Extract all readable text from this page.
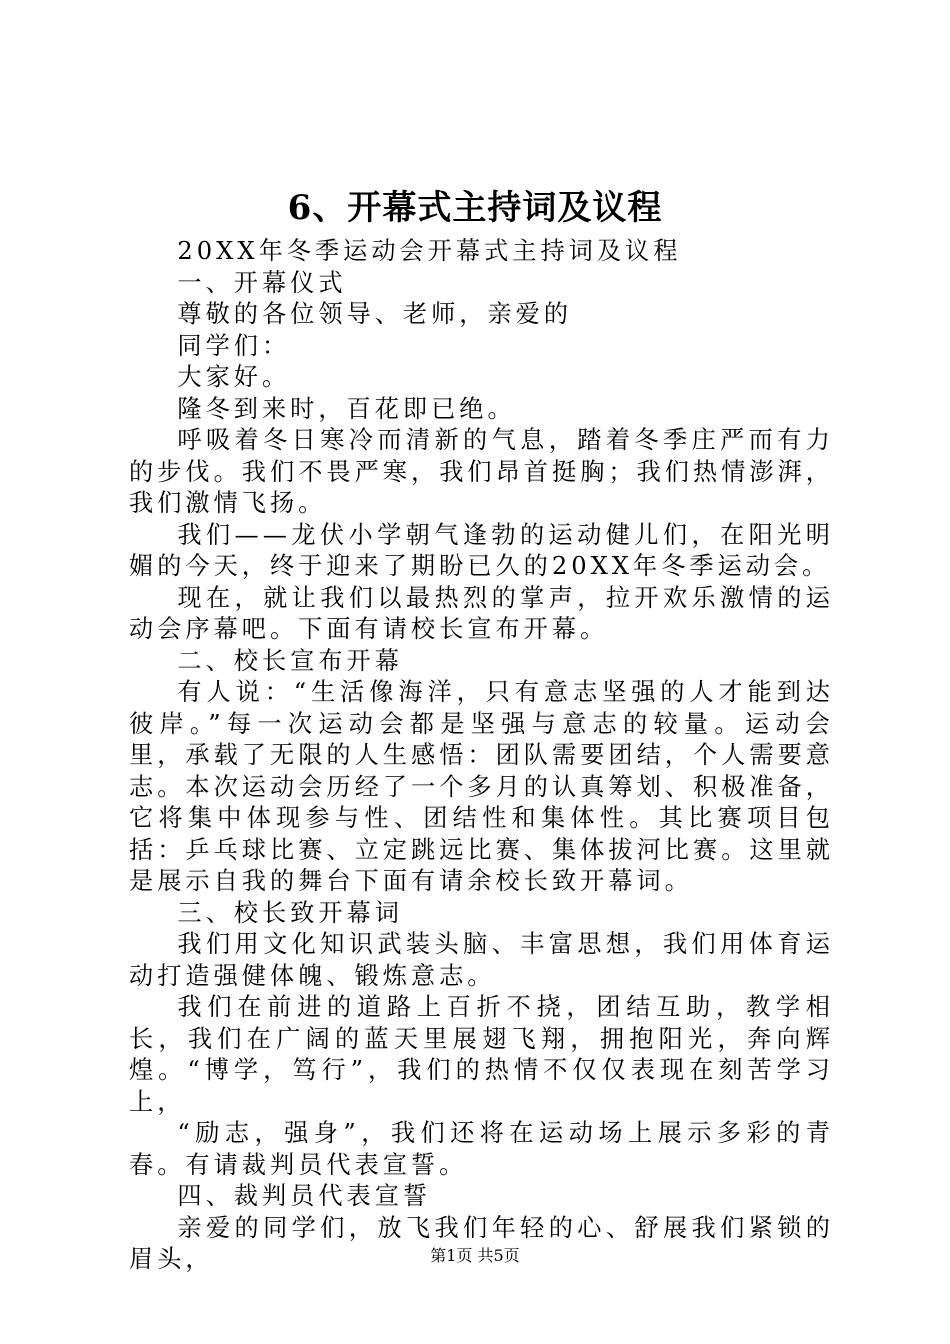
6、开幕式主持词及议程

20XX年冬季运动会开幕式主持词及议程

一、开幕仪式

尊敬的各位领导、老师，亲爱的

同学们：

大家好。

隆冬到来时，百花即已绝。

呼吸着冬日寒冷而清新的气息，踏着冬季庄严而有力的步伐。我们不畏严寒，我们昂首挺胸；我们热情澎湃，我们激情飞扬。

我们——龙伏小学朝气逢勃的运动健儿们，在阳光明媚的今天，终于迎来了期盼已久的20XX年冬季运动会。

现在，就让我们以最热烈的掌声，拉开欢乐激情的运动会序幕吧。下面有请校长宣布开幕。

二、校长宣布开幕

有人说：“生活像海洋，只有意志坚强的人才能到达彼岸。”每一次运动会都是坚强与意志的较量。运动会里，承载了无限的人生感悟：团队需要团结，个人需要意志。本次运动会历经了一个多月的认真筹划、积极准备，它将集中体现参与性、团结性和集体性。其比赛项目包括：乒乓球比赛、立定跳远比赛、集体拔河比赛。这里就是展示自我的舞台下面有请余校长致开幕词。

三、校长致开幕词

我们用文化知识武装头脑、丰富思想，我们用体育运动打造强健体魄、锻炼意志。

我们在前进的道路上百折不挠，团结互助，教学相长，我们在广阔的蓝天里展翅飞翔，拥抱阳光，奔向辉煌。“博学，笃行”，我们的热情不仅仅表现在刻苦学习上，

“励志，强身”，我们还将在运动场上展示多彩的青春。有请裁判员代表宣誓。

四、裁判员代表宣誓

亲爱的同学们，放飞我们年轻的心、舒展我们紧锁的眉头，	第1页 共5页
